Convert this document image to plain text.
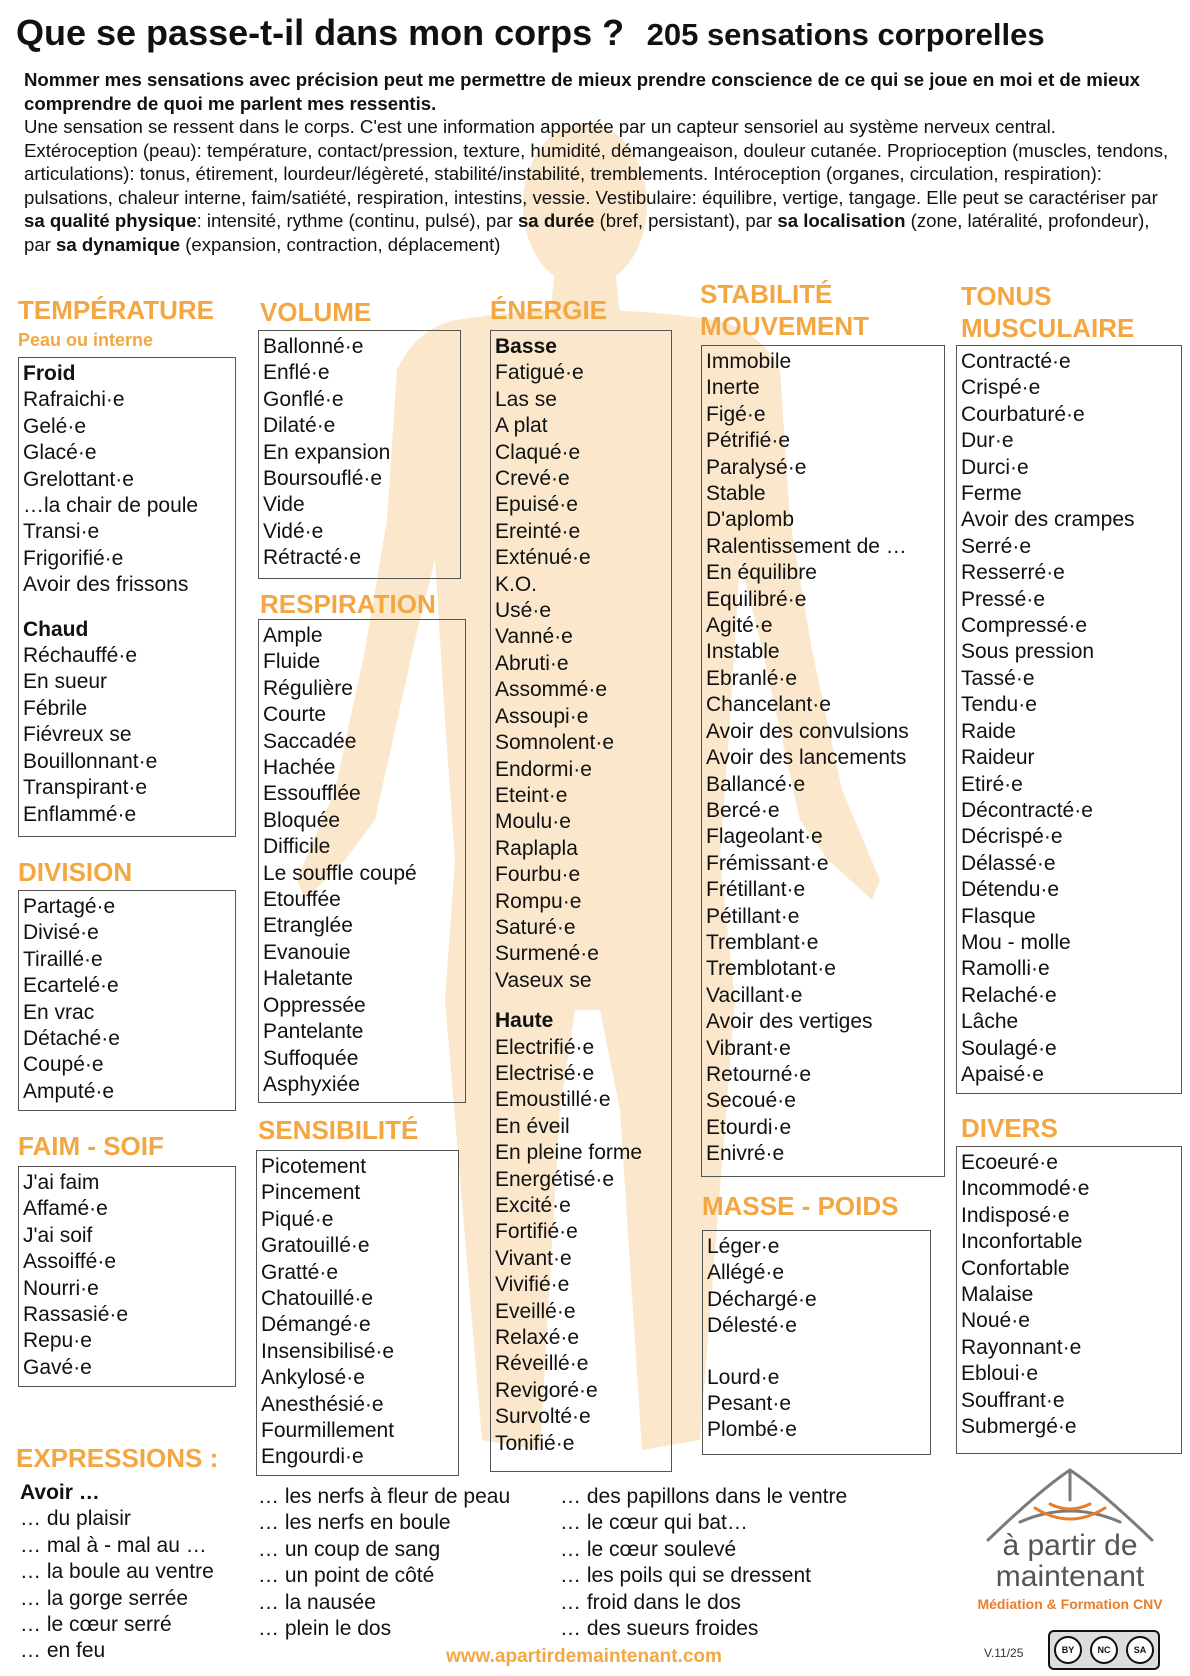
Que se passe-t-il dans mon corps ? 205 sensations corporelles
Nommer mes sensations avec précision peut me permettre de mieux prendre conscience de ce qui se joue en moi et de mieux comprendre de quoi me parlent mes ressentis.
Une sensation se ressent dans le corps. C'est une information apportée par un capteur sensoriel au système nerveux central. Extéroception (peau): température, contact/pression, texture, humidité, démangeaison, douleur cutanée. Proprioception (muscles, tendons, articulations): tonus, étirement, lourdeur/légèreté, stabilité/instabilité, tremblements. Intéroception (organes, circulation, respiration): pulsations, chaleur interne, faim/satiété, respiration, intestins, vessie. Vestibulaire: équilibre, vertige, tangage. Elle peut se caractériser par sa qualité physique: intensité, rythme (continu, pulsé), par sa durée (bref, persistant), par sa localisation (zone, latéralité, profondeur), par sa dynamique (expansion, contraction, déplacement)
TEMPÉRATURE
Peau ou interne
Froid
Rafraichi·e
Gelé·e
Glacé·e
Grelottant·e
…la chair de poule
Transi·e
Frigorifié·e
Avoir des frissons
Chaud
Réchauffé·e
En sueur
Fébrile
Fiévreux se
Bouillonnant·e
Transpirant·e
Enflammé·e
DIVISION
Partagé·e
Divisé·e
Tiraillé·e
Ecartelé·e
En vrac
Détaché·e
Coupé·e
Amputé·e
FAIM - SOIF
J'ai faim
Affamé·e
J'ai soif
Assoiffé·e
Nourri·e
Rassasié·e
Repu·e
Gavé·e
VOLUME
Ballonné·e
Enflé·e
Gonflé·e
Dilaté·e
En expansion
Boursouflé·e
Vide
Vidé·e
Rétracté·e
RESPIRATION
Ample
Fluide
Régulière
Courte
Saccadée
Hachée
Essoufflée
Bloquée
Difficile
Le souffle coupé
Etouffée
Etranglée
Evanouie
Haletante
Oppressée
Pantelante
Suffoquée
Asphyxiée
SENSIBILITÉ
Picotement
Pincement
Piqué·e
Gratouillé·e
Gratté·e
Chatouillé·e
Démangé·e
Insensibilisé·e
Ankylosé·e
Anesthésié·e
Fourmillement
Engourdi·e
ÉNERGIE
Basse
Fatigué·e
Las se
A plat
Claqué·e
Crevé·e
Epuisé·e
Ereinté·e
Exténué·e
K.O.
Usé·e
Vanné·e
Abruti·e
Assommé·e
Assoupi·e
Somnolent·e
Endormi·e
Eteint·e
Moulu·e
Raplapla
Fourbu·e
Rompu·e
Saturé·e
Surmené·e
Vaseux se
Haute
Electrifié·e
Electrisé·e
Emoustillé·e
En éveil
En pleine forme
Energétisé·e
Excité·e
Fortifié·e
Vivant·e
Vivifié·e
Eveillé·e
Relaxé·e
Réveillé·e
Revigoré·e
Survolté·e
Tonifié·e
STABILITÉ
MOUVEMENT
Immobile
Inerte
Figé·e
Pétrifié·e
Paralysé·e
Stable
D'aplomb
Ralentissement de …
En équilibre
Equilibré·e
Agité·e
Instable
Ebranlé·e
Chancelant·e
Avoir des convulsions
Avoir des lancements
Ballancé·e
Bercé·e
Flageolant·e
Frémissant·e
Frétillant·e
Pétillant·e
Tremblant·e
Tremblotant·e
Vacillant·e
Avoir des vertiges
Vibrant·e
Retourné·e
Secoué·e
Etourdi·e
Enivré·e
MASSE - POIDS
Léger·e
Allégé·e
Déchargé·e
Délesté·e
Lourd·e
Pesant·e
Plombé·e
TONUS
MUSCULAIRE
Contracté·e
Crispé·e
Courbaturé·e
Dur·e
Durci·e
Ferme
Avoir des crampes
Serré·e
Resserré·e
Pressé·e
Compressé·e
Sous pression
Tassé·e
Tendu·e
Raide
Raideur
Etiré·e
Décontracté·e
Décrispé·e
Délassé·e
Détendu·e
Flasque
Mou - molle
Ramolli·e
Relaché·e
Lâche
Soulagé·e
Apaisé·e
DIVERS
Ecoeuré·e
Incommodé·e
Indisposé·e
Inconfortable
Confortable
Malaise
Noué·e
Rayonnant·e
Ebloui·e
Souffrant·e
Submergé·e
EXPRESSIONS :
Avoir …
… du plaisir
… mal à - mal au …
… la boule au ventre
… la gorge serrée
… le cœur serré
… en feu
… les nerfs à fleur de peau
… les nerfs en boule
… un coup de sang
… un point de côté
… la nausée
… plein le dos
… des papillons dans le ventre
… le cœur qui bat…
… le cœur soulevé
… les poils qui se dressent
… froid dans le dos
… des sueurs froides
à partir de
maintenant
Médiation & Formation CNV
www.apartirdemaintenant.com	V.11/25	BY	NC	SA
